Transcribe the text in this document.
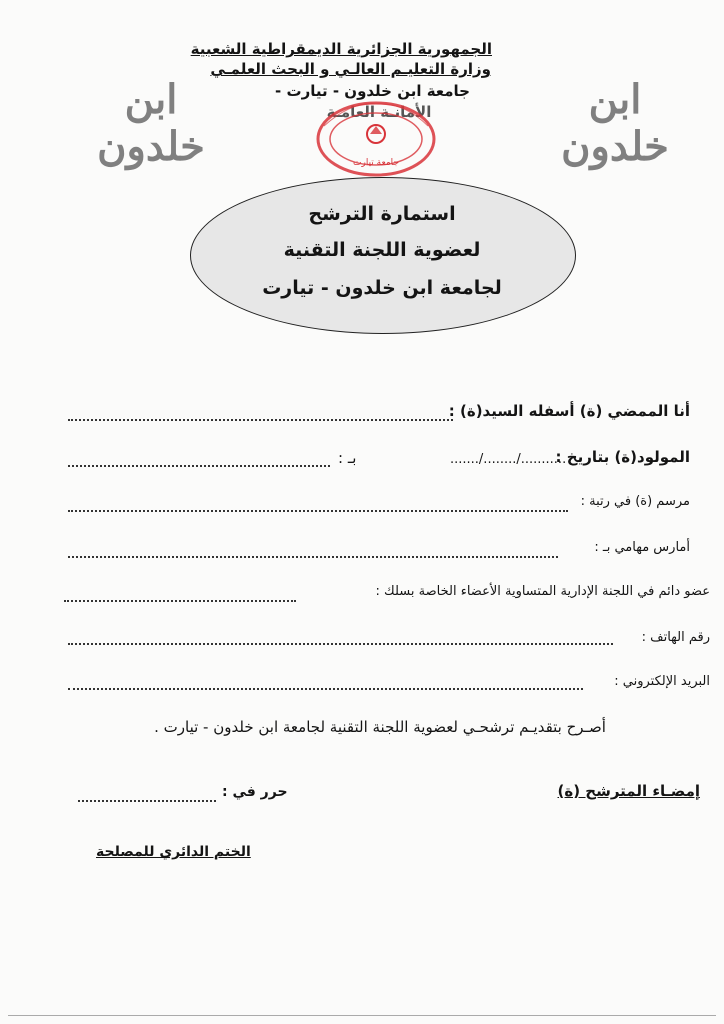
الجمهورية الجزائرية الديمقراطية الشعبية
وزارة التعليـم العالـي و البحث العلمـي
جامعة ابن خلدون - تيارت -
الأمانـة العامـة
ابن خلدون
ابن خلدون
جامعة تيارت
استمارة الترشح
لعضوية اللجنة التقنية
لجامعة ابن خلدون - تيارت
أنا الممضي (ة) أسفله السيد(ة) :
المولود(ة) بتاريخ :
......./......../...........
بـ :
مرسم (ة) في رتبة :
أمارس مهامي بـ :
عضو دائم في اللجنة الإدارية المتساوية الأعضاء الخاصة بسلك :
رقم الهاتف :
البريد الإلكتروني :
أصـرح بتقديـم ترشحـي لعضوية اللجنة التقنية لجامعة ابن خلدون - تيارت .
إمضـاء المترشح (ة)
حرر في :
الختم الدائري للمصلحة
